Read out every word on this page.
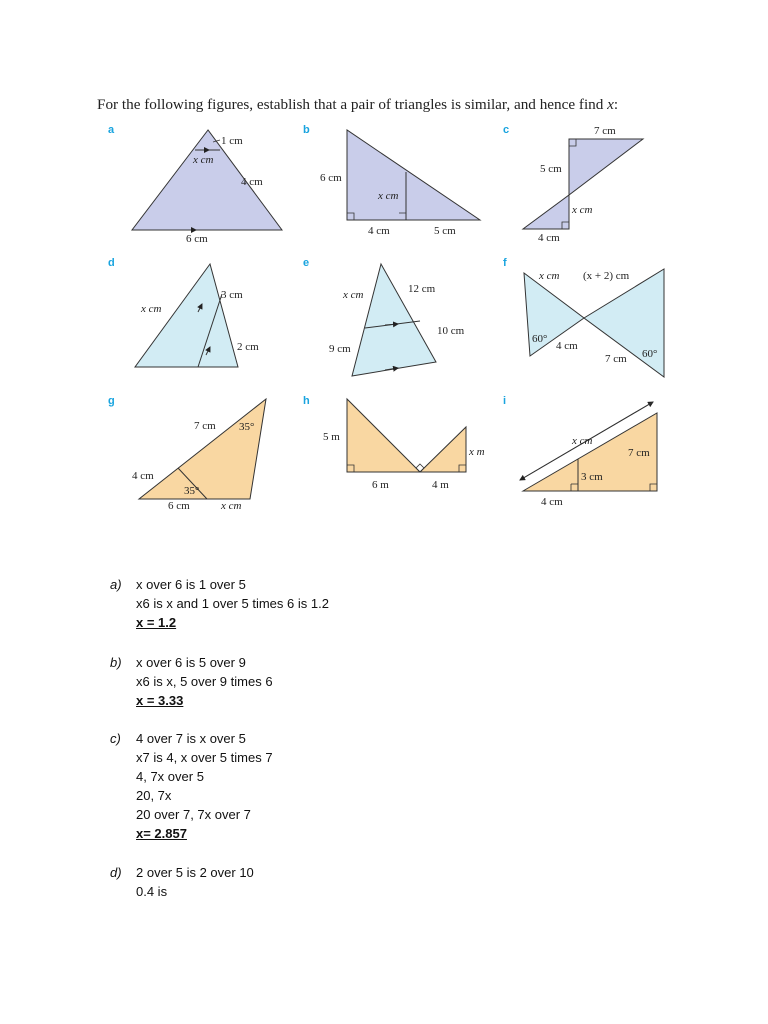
For the following figures, establish that a pair of triangles is similar, and hence find x:
a
1 cm
x cm
4 cm
6 cm
b
6 cm
x cm
4 cm	5 cm
c	7 cm
5 cm
x cm
4 cm
d
3 cm
x cm
2 cm
e
12 cm
x cm
10 cm
9 cm
f
x cm (x + 2) cm
60°
4 cm
7 cm 60°
g
7 cm 35°
4 cm
35°
6 cm	x cm
h
5 m
x m
6 m	4 m
i
x cm
7 cm
3 cm
4 cm
a) x over 6 is 1 over 5
x6 is x and 1 over 5 times 6 is 1.2
x = 1.2
b) x over 6 is 5 over 9
x6 is x, 5 over 9 times 6
x = 3.33
c) 4 over 7 is x over 5
x7 is 4, x over 5 times 7
4, 7x over 5
20, 7x
20 over 7, 7x over 7
x= 2.857
d) 2 over 5 is 2 over 10
0.4 is
